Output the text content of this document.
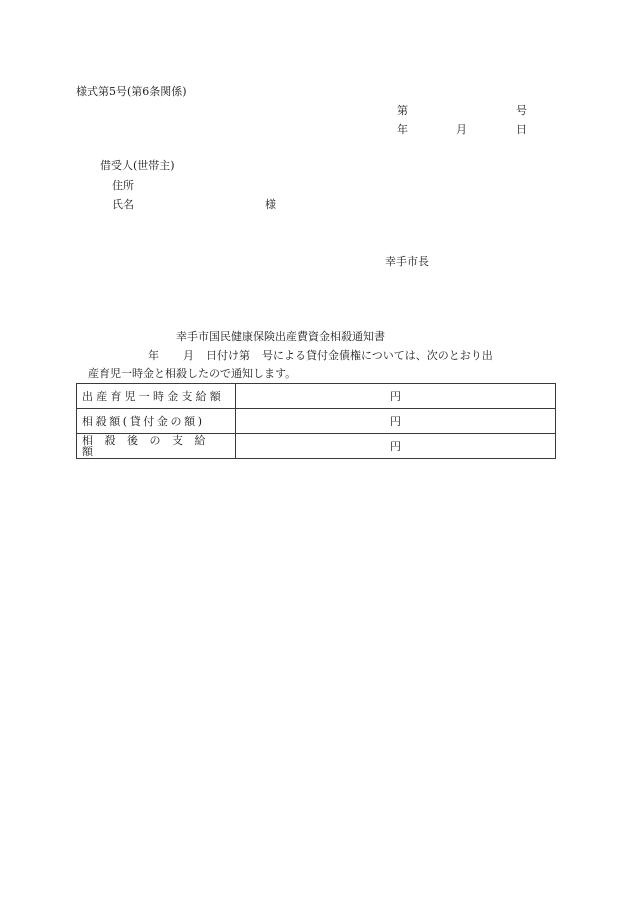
様式第5号(第6条関係)
第	号
年	月	日
借受人(世帯主)
住所
氏名	様
幸手市長
幸手市国民健康保険出産費資金相殺通知書
年 月 日付け第 号による貸付金債権については、次のとおり出
産育児一時金と相殺したので通知します。
出産育児一時金支給額	円
相殺額(貸付金の額)	円
相殺後の支給額	円
